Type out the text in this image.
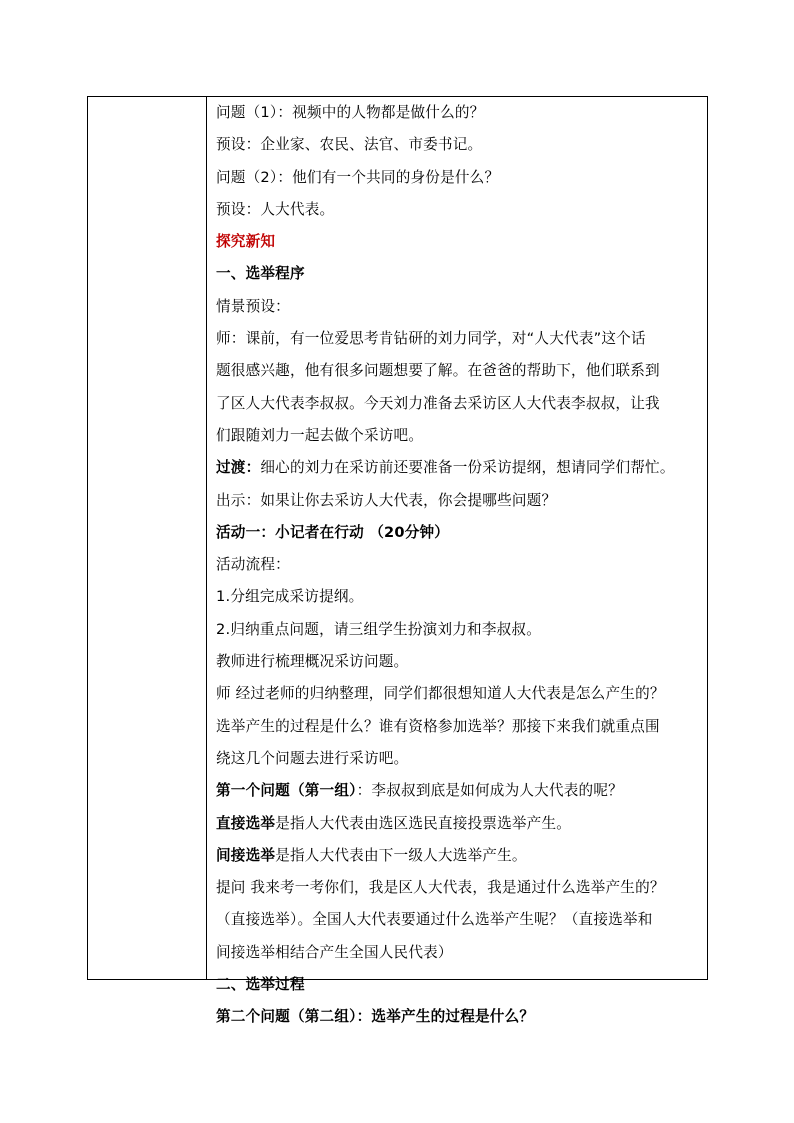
问题（1）：视频中的人物都是做什么的？
预设：企业家、农民、法官、市委书记。
问题（2）：他们有一个共同的身份是什么？
预设：人大代表。
探究新知
一、选举程序
情景预设：
师：课前，有一位爱思考肯钻研的刘力同学，对“人大代表”这个话
题很感兴趣，他有很多问题想要了解。在爸爸的帮助下，他们联系到
了区人大代表李叔叔。今天刘力准备去采访区人大代表李叔叔，让我
们跟随刘力一起去做个采访吧。
过渡：细心的刘力在采访前还要准备一份采访提纲，想请同学们帮忙。
出示：如果让你去采访人大代表，你会提哪些问题？
活动一：小记者在行动 （20分钟）
活动流程：
1.分组完成采访提纲。
2.归纳重点问题，请三组学生扮演刘力和李叔叔。
教师进行梳理概况采访问题。
师 经过老师的归纳整理，同学们都很想知道人大代表是怎么产生的？
选举产生的过程是什么？谁有资格参加选举？那接下来我们就重点围
绕这几个问题去进行采访吧。
第一个问题（第一组）：李叔叔到底是如何成为人大代表的呢？
直接选举是指人大代表由选区选民直接投票选举产生。
间接选举是指人大代表由下一级人大选举产生。
提问 我来考一考你们，我是区人大代表，我是通过什么选举产生的？
（直接选举）。全国人大代表要通过什么选举产生呢？（直接选举和
间接选举相结合产生全国人民代表）
二、选举过程
第二个问题（第二组）：选举产生的过程是什么？
